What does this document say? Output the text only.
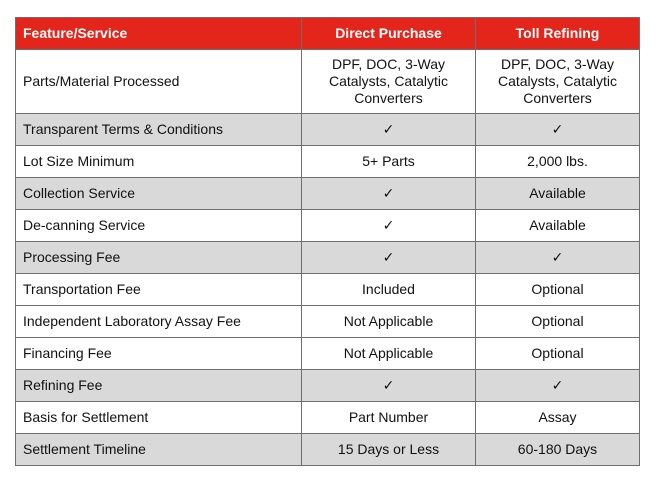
Feature/Service	Direct Purchase	Toll Refining
Parts/Material Processed	DPF, DOC, 3-Way Catalysts, Catalytic Converters	DPF, DOC, 3-Way Catalysts, Catalytic Converters
Transparent Terms & Conditions	✓	✓
Lot Size Minimum	5+ Parts	2,000 lbs.
Collection Service	✓	Available
De-canning Service	✓	Available
Processing Fee	✓	✓
Transportation Fee	Included	Optional
Independent Laboratory Assay Fee	Not Applicable	Optional
Financing Fee	Not Applicable	Optional
Refining Fee	✓	✓
Basis for Settlement	Part Number	Assay
Settlement Timeline	15 Days or Less	60-180 Days
